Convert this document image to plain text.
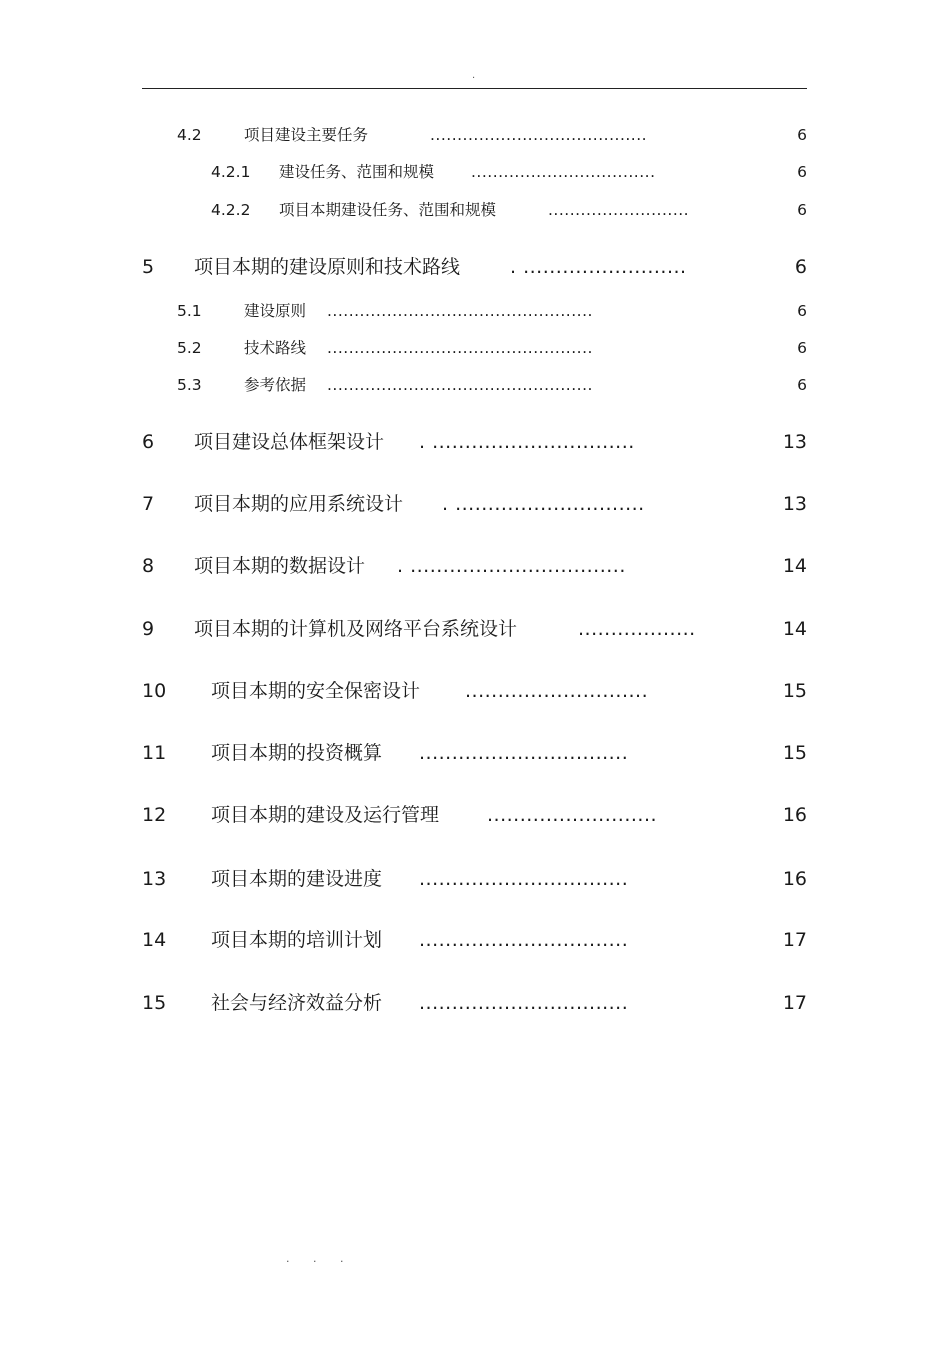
.
4.2	项目建设主要任务	........................................	6
4.2.1 建设任务、范围和规模 ..................................	6
4.2.2 项目本期建设任务、范围和规模	..........................	6
5 项目本期的建设原则和技术路线	. .........................	6
5.1	建设原则 .................................................	6
5.2	技术路线 .................................................	6
5.3	参考依据 .................................................	6
6 项目建设总体框架设计 . ...............................	13
7 项目本期的应用系统设计 . .............................	13
8 项目本期的数据设计 . .................................	14
9 项目本期的计算机及网络平台系统设计	..................	14
10 项目本期的安全保密设计 ............................	15
11 项目本期的投资概算 ................................	15
12 项目本期的建设及运行管理	..........................	16
13 项目本期的建设进度 ................................	16
14 项目本期的培训计划 ................................	17
15 社会与经济效益分析 ................................	17
. . .
